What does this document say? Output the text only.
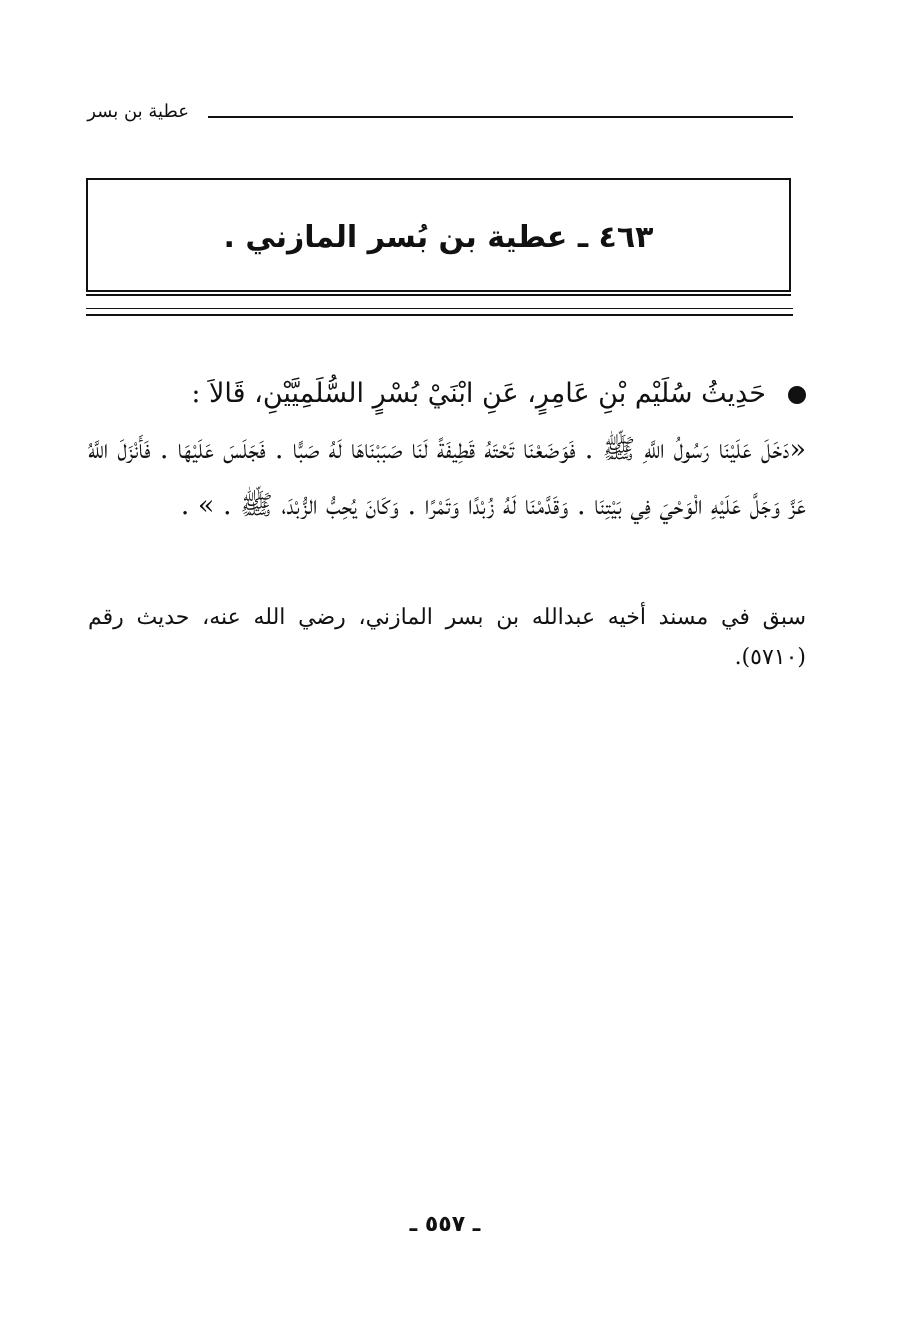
عطية بن بسر
٤٦٣ ـ عطية بن بُسر المازني .
حَدِيثُ سُلَيْم بْنِ عَامِرٍ، عَنِ ابْنَيْ بُسْرٍ السُّلَمِيَّيْنِ، قَالاَ :
«دَخَلَ عَلَيْنَا رَسُولُ اللَّهِ ﷺ . فَوَضَعْنَا تَحْتَهُ قَطِيفَةً لَنَا صَبَبْنَاهَا لَهُ صَبًّا . فَجَلَسَ عَلَيْهَا . فَأَنْزَلَ اللَّهُ عَزَّ وَجَلَّ عَلَيْهِ الْوَحْيَ فِي بَيْتِنَا . وَقَدَّمْنَا لَهُ زُبْدًا وَتَمْرًا . وَكَانَ يُحِبُّ الزُّبْدَ، ﷺ . » .
سبق في مسند أخيه عبدالله بن بسر المازني، رضي الله عنه، حديث رقم (٥٧١٠).
ـ ٥٥٧ ـ
